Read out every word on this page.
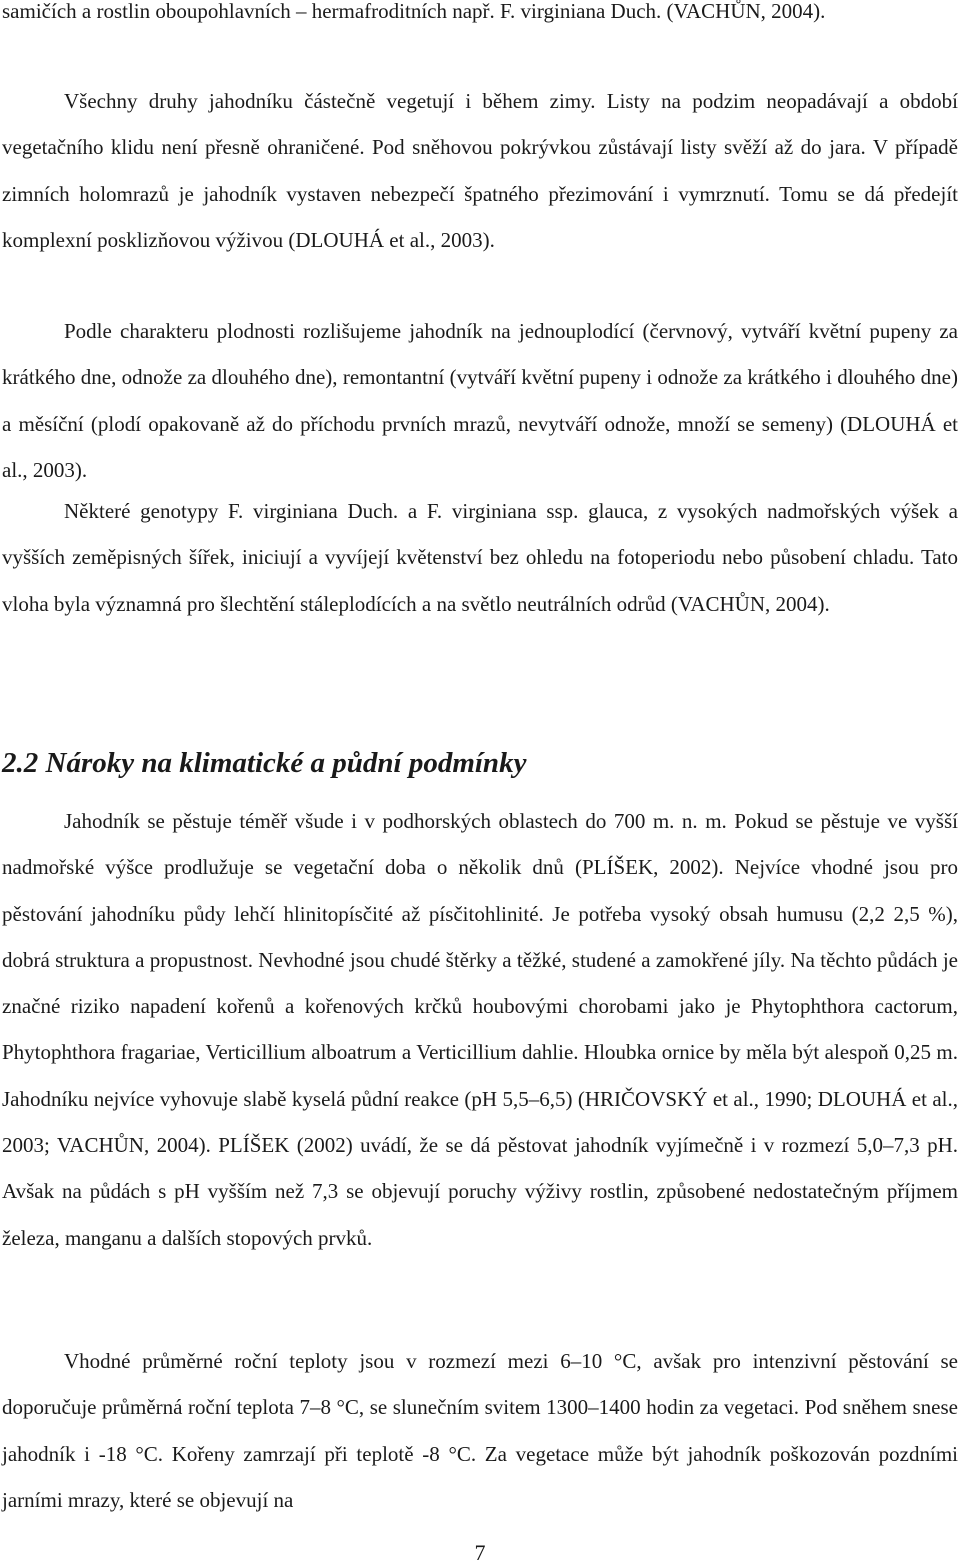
samičích a rostlin oboupohlavních – hermafroditních např. F. virginiana Duch. (VACHŮN, 2004).

Všechny druhy jahodníku částečně vegetují i během zimy. Listy na podzim neopadávají a období vegetačního klidu není přesně ohraničené. Pod sněhovou pokrývkou zůstávají listy svěží až do jara. V případě zimních holomrazů je jahodník vystaven nebezpečí špatného přezimování i vymrznutí. Tomu se dá předejít komplexní posklizňovou výživou (DLOUHÁ et al., 2003).

Podle charakteru plodnosti rozlišujeme jahodník na jednouplodící (červnový, vytváří květní pupeny za krátkého dne, odnože za dlouhého dne), remontantní (vytváří květní pupeny i odnože za krátkého i dlouhého dne) a měsíční (plodí opakovaně až do příchodu prvních mrazů, nevytváří odnože, množí se semeny) (DLOUHÁ et al., 2003).

Některé genotypy F. virginiana Duch. a F. virginiana ssp. glauca, z vysokých nadmořských výšek a vyšších zeměpisných šířek, iniciují a vyvíjejí květenství bez ohledu na fotoperiodu nebo působení chladu. Tato vloha byla významná pro šlechtění stáleplodících a na světlo neutrálních odrůd (VACHŮN, 2004).

2.2 Nároky na klimatické a půdní podmínky

Jahodník se pěstuje téměř všude i v podhorských oblastech do 700 m. n. m. Pokud se pěstuje ve vyšší nadmořské výšce prodlužuje se vegetační doba o několik dnů (PLÍŠEK, 2002). Nejvíce vhodné jsou pro pěstování jahodníku půdy lehčí hlinitopísčité až písčitohlinité. Je potřeba vysoký obsah humusu (2,2 2,5 %), dobrá struktura a propustnost. Nevhodné jsou chudé štěrky a těžké, studené a zamokřené jíly. Na těchto půdách je značné riziko napadení kořenů a kořenových krčků houbovými chorobami jako je Phytophthora cactorum, Phytophthora fragariae, Verticillium alboatrum a Verticillium dahlie. Hloubka ornice by měla být alespoň 0,25 m. Jahodníku nejvíce vyhovuje slabě kyselá půdní reakce (pH 5,5–6,5) (HRIČOVSKÝ et al., 1990; DLOUHÁ et al., 2003; VACHŮN, 2004). PLÍŠEK (2002) uvádí, že se dá pěstovat jahodník vyjímečně i v rozmezí 5,0–7,3 pH. Avšak na půdách s pH vyšším než 7,3 se objevují poruchy výživy rostlin, způsobené nedostatečným příjmem železa, manganu a dalších stopových prvků.

Vhodné průměrné roční teploty jsou v rozmezí mezi 6–10 °C, avšak pro intenzivní pěstování se doporučuje průměrná roční teplota 7–8 °C, se slunečním svitem 1300–1400 hodin za vegetaci. Pod sněhem snese jahodník i -18 °C. Kořeny zamrzají při teplotě -8 °C. Za vegetace může být jahodník poškozován pozdními jarními mrazy, které se objevují na

7
